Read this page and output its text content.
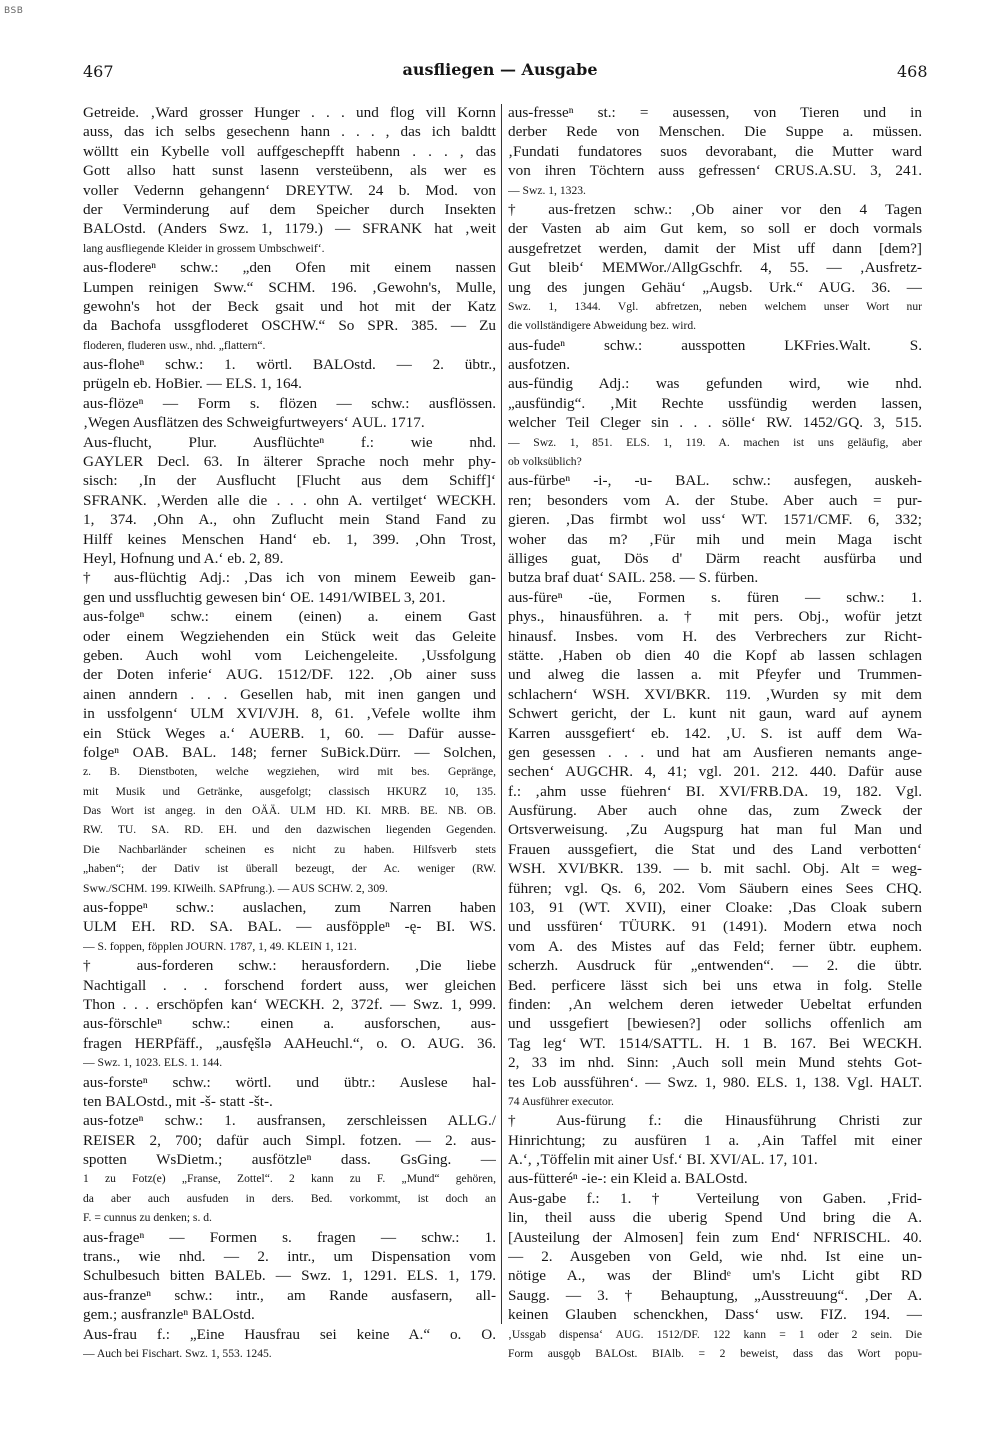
BSB
467	ausfliegen — Ausgabe	468
Getreide. ‚Ward grosser Hunger . . . und flog vill Kornn
auss, das ich selbs gesechenn hann . . . , das ich baldtt
wölltt ein Kybelle voll auffgeschepfft habenn . . . , das
Gott allso hatt sunst lasenn versteübenn, als wer es
voller Vedernn gehangenn‘ DREYTW. 24 b. Mod. von
der Verminderung auf dem Speicher durch Insekten
BALOstd. (Anders Swz. 1, 1179.) — SFRANK hat ‚weit
lang ausfliegende Kleider in grossem Umbschweif‘.
aus-flodereⁿ schw.: „den Ofen mit einem nassen
Lumpen reinigen Sww.“ SCHM. 196. ‚Gewohn's, Mulle,
gewohn's hot der Beck gsait und hot mit der Katz
da Bachofa ussgfloderet OSCHW.“ So SPR. 385. — Zu
floderen, fluderen usw., nhd. „flattern“.
aus-floheⁿ schw.: 1. wörtl. BALOstd. — 2. übtr.,
prügeln eb. HoBier. — ELS. 1, 164.
aus-flözeⁿ — Form s. flözen — schw.: ausflössen.
‚Wegen Ausflätzen des Schweigfurtweyers‘ AUL. 1717.
Aus-flucht, Plur. Ausflüchteⁿ f.: wie nhd.
GAYLER Decl. 63. In älterer Sprache noch mehr phy-
sisch: ‚In der Ausflucht [Flucht aus dem Schiff]‘
SFRANK. ‚Werden alle die . . . ohn A. vertilget‘ WECKH.
1, 374. ‚Ohn A., ohn Zuflucht mein Stand Fand zu
Hilff keines Menschen Hand‘ eb. 1, 399. ‚Ohn Trost,
Heyl, Hofnung und A.‘ eb. 2, 89.
† aus-flüchtig Adj.: ‚Das ich von minem Eeweib gan-
gen und ussfluchtig gewesen bin‘ OE. 1491/WIBEL 3, 201.
aus-folgeⁿ schw.: einem (einen) a. einem Gast
oder einem Wegziehenden ein Stück weit das Geleite
geben. Auch wohl vom Leichengeleite. ‚Ussfolgung
der Doten inferie‘ AUG. 1512/DF. 122. ‚Ob ainer suss
ainen anndern . . . Gesellen hab, mit inen gangen und
in ussfolgenn‘ ULM XVI/VJH. 8, 61. ‚Vefele wollte ihm
ein Stück Weges a.‘ AUERB. 1, 60. — Dafür ausse-
folgeⁿ OAB. BAL. 148; ferner SuBick.Dürr. — Solchen,
z. B. Dienstboten, welche wegziehen, wird mit bes. Gepränge,
mit Musik und Getränke, ausgefolgt; classisch HKURZ 10, 135.
Das Wort ist angeg. in den OÄÄ. ULM HD. KI. MRB. BE. NB. OB.
RW. TU. SA. RD. EH. und den dazwischen liegenden Gegenden.
Die Nachbarländer scheinen es nicht zu haben. Hilfsverb stets
„haben“; der Dativ ist überall bezeugt, der Ac. weniger (RW.
Sww./SCHM. 199. KIWeilh. SAPfrung.). — AUS SCHW. 2, 309.
aus-foppeⁿ schw.: auslachen, zum Narren haben
ULM EH. RD. SA. BAL. — ausföppleⁿ -ę- BI. WS.
— S. foppen, föpplen JOURN. 1787, 1, 49. KLEIN 1, 121.
† aus-forderen schw.: herausfordern. ‚Die liebe
Nachtigall . . . forschend fordert auss, wer gleichen
Thon . . . erschöpfen kan‘ WECKH. 2, 372f. — Swz. 1, 999.
aus-förschleⁿ schw.: einen a. ausforschen, aus-
fragen HERPfäff., „ausfęšlə AAHeuchl.“, o. O. AUG. 36.
— Swz. 1, 1023. ELS. 1. 144.
aus-forsteⁿ schw.: wörtl. und übtr.: Auslese hal-
ten BALOstd., mit -š- statt -št-.
aus-fotzeⁿ schw.: 1. ausfransen, zerschleissen ALLG./
REISER 2, 700; dafür auch Simpl. fotzen. — 2. aus-
spotten WsDietm.; ausfötzleⁿ dass. GsGing. —
1 zu Fotz(e) „Franse, Zottel“. 2 kann zu F. „Mund“ gehören,
da aber auch ausfuden in ders. Bed. vorkommt, ist doch an
F. = cunnus zu denken; s. d.
aus-frageⁿ — Formen s. fragen — schw.: 1.
trans., wie nhd. — 2. intr., um Dispensation vom
Schulbesuch bitten BALEb. — Swz. 1, 1291. ELS. 1, 179.
aus-franzeⁿ schw.: intr., am Rande ausfasern, all-
gem.; ausfranzleⁿ BALOstd.
Aus-frau f.: „Eine Hausfrau sei keine A.“ o. O.
— Auch bei Fischart. Swz. 1, 553. 1245.
aus-fresseⁿ st.: = ausessen, von Tieren und in
derber Rede von Menschen. Die Suppe a. müssen.
‚Fundati fundatores suos devorabant, die Mutter ward
von ihren Töchtern auss gefressen‘ CRUS.A.SU. 3, 241.
— Swz. 1, 1323.
† aus-fretzen schw.: ‚Ob ainer vor den 4 Tagen
der Vasten ab aim Gut kem, so soll er doch vormals
ausgefretzet werden, damit der Mist uff dann [dem?]
Gut bleib‘ MEMWor./AllgGschfr. 4, 55. — ‚Ausfretz-
ung des jungen Gehäu‘ „Augsb. Urk.“ AUG. 36. —
Swz. 1, 1344. Vgl. abfretzen, neben welchem unser Wort nur
die vollständigere Abweidung bez. wird.
aus-fudeⁿ schw.: ausspotten LKFries.Walt. S.
ausfotzen.
aus-fündig Adj.: was gefunden wird, wie nhd.
„ausfündig“. ‚Mit Rechte ussfündig werden lassen,
welcher Teil Cleger sin . . . sölle‘ RW. 1452/GQ. 3, 515.
— Swz. 1, 851. ELS. 1, 119. A. machen ist uns geläufig, aber
ob volksüblich?
aus-fürbeⁿ -i-, -u- BAL. schw.: ausfegen, auskeh-
ren; besonders vom A. der Stube. Aber auch = pur-
gieren. ‚Das firmbt wol uss‘ WT. 1571/CMF. 6, 332;
woher das m? ‚Für mih und mein Maga ischt
älliges guat, Dös d' Därm reacht ausfürba und
butza braf duat‘ SAIL. 258. — S. fürben.
aus-füreⁿ -üe, Formen s. füren — schw.: 1.
phys., hinausführen. a. † mit pers. Obj., wofür jetzt
hinausf. Insbes. vom H. des Verbrechers zur Richt-
stätte. ‚Haben ob dien 40 die Kopf ab lassen schlagen
und alweg die lassen a. mit Pfeyfer und Trummen-
schlachern‘ WSH. XVI/BKR. 119. ‚Wurden sy mit dem
Schwert gericht, der L. kunt nit gaun, ward auf aynem
Karren aussgefiert‘ eb. 142. ‚U. S. ist auff dem Wa-
gen gesessen . . . und hat am Ausfieren nemants ange-
sechen‘ AUGCHR. 4, 41; vgl. 201. 212. 440. Dafür ause
f.: ‚ahm usse füehren‘ BI. XVI/FRB.DA. 19, 182. Vgl.
Ausfürung. Aber auch ohne das, zum Zweck der
Ortsverweisung. ‚Zu Augspurg hat man ful Man und
Frauen aussgefiert, die Stat und des Land verbotten‘
WSH. XVI/BKR. 139. — b. mit sachl. Obj. Alt = weg-
führen; vgl. Qs. 6, 202. Vom Säubern eines Sees CHQ.
103, 91 (WT. XVII), einer Cloake: ‚Das Cloak subern
und ussfüren‘ TÜURK. 91 (1491). Modern etwa noch
vom A. des Mistes auf das Feld; ferner übtr. euphem.
scherzh. Ausdruck für „entwenden“. — 2. die übtr.
Bed. perficere lässt sich bei uns etwa in folg. Stelle
finden: ‚An welchem deren ietweder Uebeltat erfunden
und ussgefiert [bewiesen?] oder sollichs offenlich am
Tag leg‘ WT. 1514/SATTL. H. 1 B. 167. Bei WECKH.
2, 33 im nhd. Sinn: ‚Auch soll mein Mund stehts Got-
tes Lob aussführen‘. — Swz. 1, 980. ELS. 1, 138. Vgl. HALT.
74 Ausführer executor.
† Aus-fürung f.: die Hinausführung Christi zur
Hinrichtung; zu ausfüren 1 a. ‚Ain Taffel mit einer
A.‘, ‚Töffelin mit ainer Usf.‘ BI. XVI/AL. 17, 101.
aus-fütteréⁿ -ie-: ein Kleid a. BALOstd.
Aus-gabe f.: 1. † Verteilung von Gaben. ‚Frid-
lin, theil auss die uberig Spend Und bring die A.
[Austeilung der Almosen] fein zum End‘ NFRISCHL. 40.
— 2. Ausgeben von Geld, wie nhd. Ist eine un-
nötige A., was der Blindᵉ um's Licht gibt RD
Saugg. — 3. † Behauptung, „Ausstreuung“. ‚Der A.
keinen Glauben schenckhen, Dass‘ usw. FIZ. 194. —
‚Ussgab dispensa‘ AUG. 1512/DF. 122 kann = 1 oder 2 sein. Die
Form ausgǫb BALOst. BIAlb. = 2 beweist, dass das Wort popu-
